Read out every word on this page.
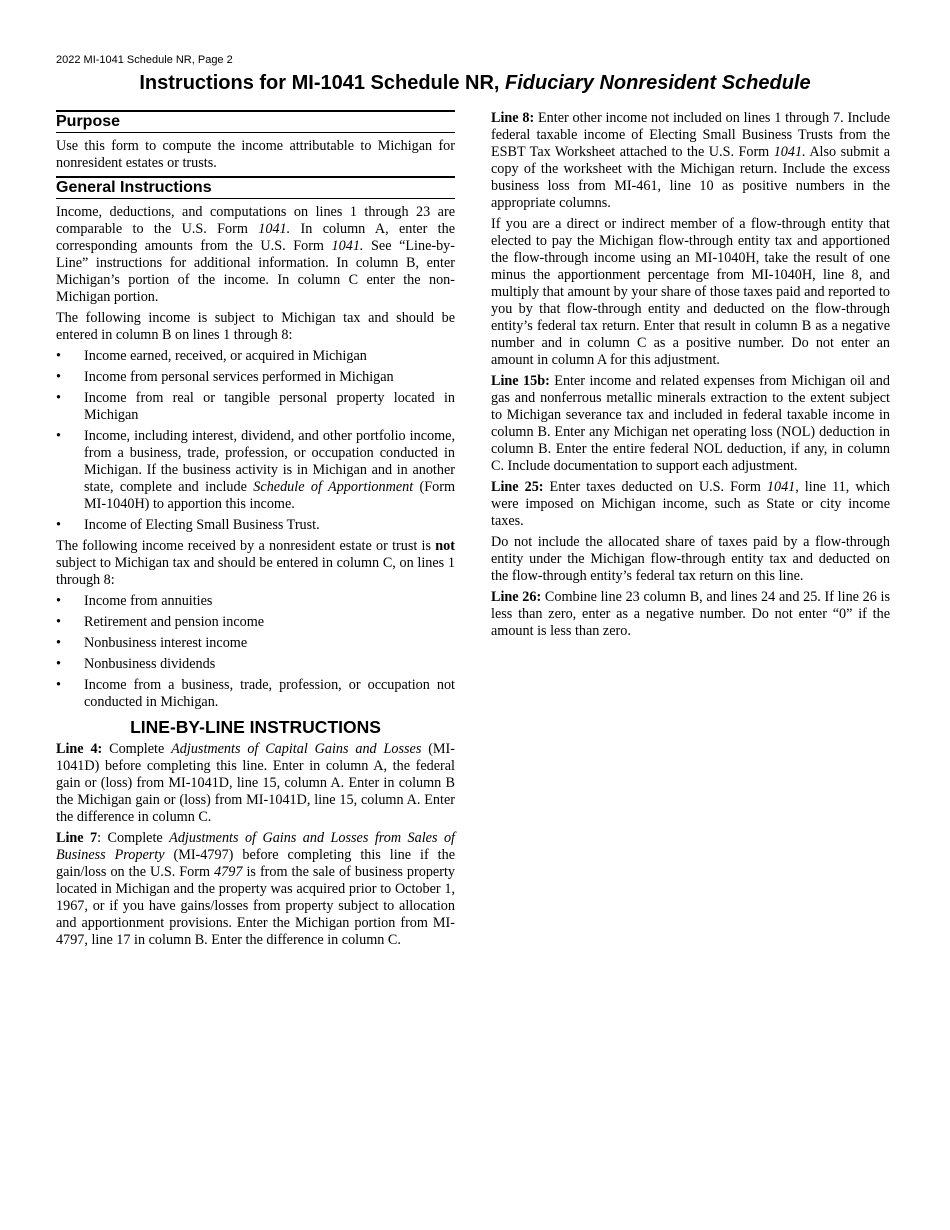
2022 MI-1041 Schedule NR, Page 2
Instructions for MI-1041 Schedule NR, Fiduciary Nonresident Schedule
Purpose

Use this form to compute the income attributable to Michigan for nonresident estates or trusts.

General Instructions

Income, deductions, and computations on lines 1 through 23 are comparable to the U.S. Form 1041. In column A, enter the corresponding amounts from the U.S. Form 1041. See “Line-by-Line” instructions for additional information. In column B, enter Michigan’s portion of the income. In column C enter the non-Michigan portion.

The following income is subject to Michigan tax and should be entered in column B on lines 1 through 8:

• Income earned, received, or acquired in Michigan
• Income from personal services performed in Michigan
• Income from real or tangible personal property located in Michigan
• Income, including interest, dividend, and other portfolio income, from a business, trade, profession, or occupation conducted in Michigan. If the business activity is in Michigan and in another state, complete and include Schedule of Apportionment (Form MI-1040H) to apportion this income.
• Income of Electing Small Business Trust.

The following income received by a nonresident estate or trust is not subject to Michigan tax and should be entered in column C, on lines 1 through 8:

• Income from annuities
• Retirement and pension income
• Nonbusiness interest income
• Nonbusiness dividends
• Income from a business, trade, profession, or occupation not conducted in Michigan.
LINE-BY-LINE INSTRUCTIONS

Line 4: Complete Adjustments of Capital Gains and Losses (MI-1041D) before completing this line. Enter in column A, the federal gain or (loss) from MI-1041D, line 15, column A. Enter in column B the Michigan gain or (loss) from MI-1041D, line 15, column A. Enter the difference in column C.

Line 7: Complete Adjustments of Gains and Losses from Sales of Business Property (MI-4797) before completing this line if the gain/loss on the U.S. Form 4797 is from the sale of business property located in Michigan and the property was acquired prior to October 1, 1967, or if you have gains/losses from property subject to allocation and apportionment provisions. Enter the Michigan portion from MI-4797, line 17 in column B. Enter the difference in column C.

Line 8: Enter other income not included on lines 1 through 7. Include federal taxable income of Electing Small Business Trusts from the ESBT Tax Worksheet attached to the U.S. Form 1041. Also submit a copy of the worksheet with the Michigan return. Include the excess business loss from MI-461, line 10 as positive numbers in the appropriate columns.

If you are a direct or indirect member of a flow-through entity that elected to pay the Michigan flow-through entity tax and apportioned the flow-through income using an MI-1040H, take the result of one minus the apportionment percentage from MI-1040H, line 8, and multiply that amount by your share of those taxes paid and reported to you by that flow-through entity and deducted on the flow-through entity’s federal tax return. Enter that result in column B as a negative number and in column C as a positive number. Do not enter an amount in column A for this adjustment.

Line 15b: Enter income and related expenses from Michigan oil and gas and nonferrous metallic minerals extraction to the extent subject to Michigan severance tax and included in federal taxable income in column B. Enter any Michigan net operating loss (NOL) deduction in column B. Enter the entire federal NOL deduction, if any, in column C. Include documentation to support each adjustment.

Line 25: Enter taxes deducted on U.S. Form 1041, line 11, which were imposed on Michigan income, such as State or city income taxes.

Do not include the allocated share of taxes paid by a flow-through entity under the Michigan flow-through entity tax and deducted on the flow-through entity’s federal tax return on this line.

Line 26: Combine line 23 column B, and lines 24 and 25. If line 26 is less than zero, enter as a negative number. Do not enter “0” if the amount is less than zero.
